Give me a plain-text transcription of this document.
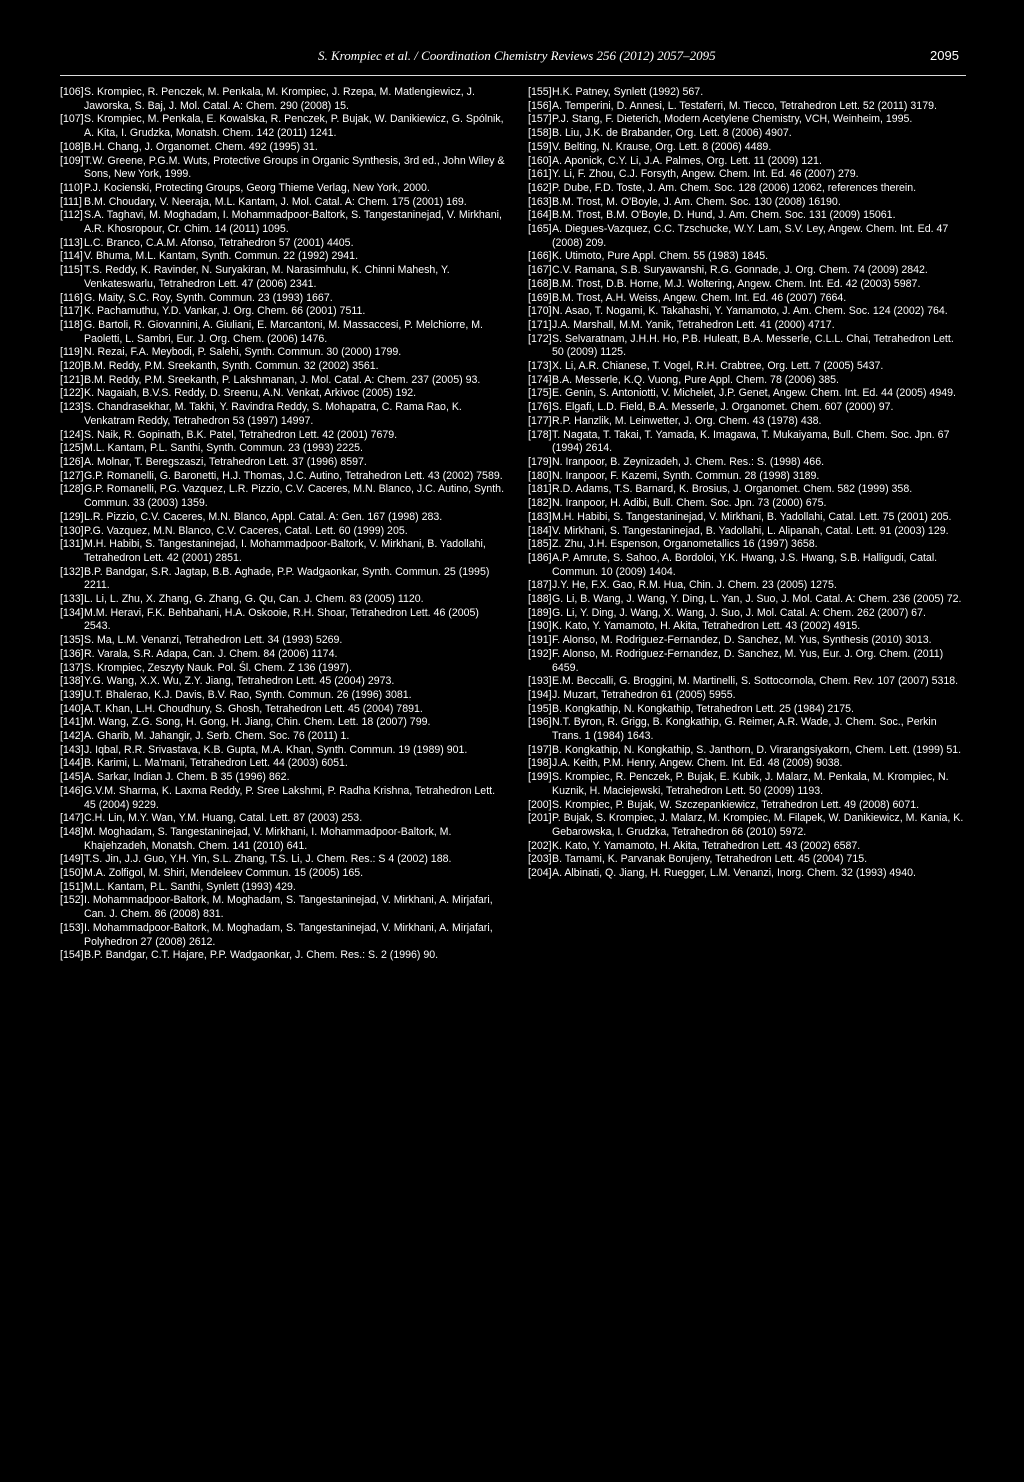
S. Krompiec et al. / Coordination Chemistry Reviews 256 (2012) 2057–2095	2095
[106] S. Krompiec, R. Penczek, M. Penkala, M. Krompiec, J. Rzepa, M. Matlengiewicz, J. Jaworska, S. Baj, J. Mol. Catal. A: Chem. 290 (2008) 15.
[107] S. Krompiec, M. Penkala, E. Kowalska, R. Penczek, P. Bujak, W. Danikiewicz, G. Spólnik, A. Kita, I. Grudzka, Monatsh. Chem. 142 (2011) 1241.
[108] B.H. Chang, J. Organomet. Chem. 492 (1995) 31.
[109] T.W. Greene, P.G.M. Wuts, Protective Groups in Organic Synthesis, 3rd ed., John Wiley & Sons, New York, 1999.
[110] P.J. Kocienski, Protecting Groups, Georg Thieme Verlag, New York, 2000.
[111] B.M. Choudary, V. Neeraja, M.L. Kantam, J. Mol. Catal. A: Chem. 175 (2001) 169.
[112] S.A. Taghavi, M. Moghadam, I. Mohammadpoor-Baltork, S. Tangestaninejad, V. Mirkhani, A.R. Khosropour, Cr. Chim. 14 (2011) 1095.
[113] L.C. Branco, C.A.M. Afonso, Tetrahedron 57 (2001) 4405.
[114] V. Bhuma, M.L. Kantam, Synth. Commun. 22 (1992) 2941.
[115] T.S. Reddy, K. Ravinder, N. Suryakiran, M. Narasimhulu, K. Chinni Mahesh, Y. Venkateswarlu, Tetrahedron Lett. 47 (2006) 2341.
[116] G. Maity, S.C. Roy, Synth. Commun. 23 (1993) 1667.
[117] K. Pachamuthu, Y.D. Vankar, J. Org. Chem. 66 (2001) 7511.
[118] G. Bartoli, R. Giovannini, A. Giuliani, E. Marcantoni, M. Massaccesi, P. Melchiorre, M. Paoletti, L. Sambri, Eur. J. Org. Chem. (2006) 1476.
[119] N. Rezai, F.A. Meybodi, P. Salehi, Synth. Commun. 30 (2000) 1799.
[120] B.M. Reddy, P.M. Sreekanth, Synth. Commun. 32 (2002) 3561.
[121] B.M. Reddy, P.M. Sreekanth, P. Lakshmanan, J. Mol. Catal. A: Chem. 237 (2005) 93.
[122] K. Nagaiah, B.V.S. Reddy, D. Sreenu, A.N. Venkat, Arkivoc (2005) 192.
[123] S. Chandrasekhar, M. Takhi, Y. Ravindra Reddy, S. Mohapatra, C. Rama Rao, K. Venkatram Reddy, Tetrahedron 53 (1997) 14997.
[124] S. Naik, R. Gopinath, B.K. Patel, Tetrahedron Lett. 42 (2001) 7679.
[125] M.L. Kantam, P.L. Santhi, Synth. Commun. 23 (1993) 2225.
[126] A. Molnar, T. Beregszaszi, Tetrahedron Lett. 37 (1996) 8597.
[127] G.P. Romanelli, G. Baronetti, H.J. Thomas, J.C. Autino, Tetrahedron Lett. 43 (2002) 7589.
[128] G.P. Romanelli, P.G. Vazquez, L.R. Pizzio, C.V. Caceres, M.N. Blanco, J.C. Autino, Synth. Commun. 33 (2003) 1359.
[129] L.R. Pizzio, C.V. Caceres, M.N. Blanco, Appl. Catal. A: Gen. 167 (1998) 283.
[130] P.G. Vazquez, M.N. Blanco, C.V. Caceres, Catal. Lett. 60 (1999) 205.
[131] M.H. Habibi, S. Tangestaninejad, I. Mohammadpoor-Baltork, V. Mirkhani, B. Yadollahi, Tetrahedron Lett. 42 (2001) 2851.
[132] B.P. Bandgar, S.R. Jagtap, B.B. Aghade, P.P. Wadgaonkar, Synth. Commun. 25 (1995) 2211.
[133] L. Li, L. Zhu, X. Zhang, G. Zhang, G. Qu, Can. J. Chem. 83 (2005) 1120.
[134] M.M. Heravi, F.K. Behbahani, H.A. Oskooie, R.H. Shoar, Tetrahedron Lett. 46 (2005) 2543.
[135] S. Ma, L.M. Venanzi, Tetrahedron Lett. 34 (1993) 5269.
[136] R. Varala, S.R. Adapa, Can. J. Chem. 84 (2006) 1174.
[137] S. Krompiec, Zeszyty Nauk. Pol. Śl. Chem. Z 136 (1997).
[138] Y.G. Wang, X.X. Wu, Z.Y. Jiang, Tetrahedron Lett. 45 (2004) 2973.
[139] U.T. Bhalerao, K.J. Davis, B.V. Rao, Synth. Commun. 26 (1996) 3081.
[140] A.T. Khan, L.H. Choudhury, S. Ghosh, Tetrahedron Lett. 45 (2004) 7891.
[141] M. Wang, Z.G. Song, H. Gong, H. Jiang, Chin. Chem. Lett. 18 (2007) 799.
[142] A. Gharib, M. Jahangir, J. Serb. Chem. Soc. 76 (2011) 1.
[143] J. Iqbal, R.R. Srivastava, K.B. Gupta, M.A. Khan, Synth. Commun. 19 (1989) 901.
[144] B. Karimi, L. Ma'mani, Tetrahedron Lett. 44 (2003) 6051.
[145] A. Sarkar, Indian J. Chem. B 35 (1996) 862.
[146] G.V.M. Sharma, K. Laxma Reddy, P. Sree Lakshmi, P. Radha Krishna, Tetrahedron Lett. 45 (2004) 9229.
[147] C.H. Lin, M.Y. Wan, Y.M. Huang, Catal. Lett. 87 (2003) 253.
[148] M. Moghadam, S. Tangestaninejad, V. Mirkhani, I. Mohammadpoor-Baltork, M. Khajehzadeh, Monatsh. Chem. 141 (2010) 641.
[149] T.S. Jin, J.J. Guo, Y.H. Yin, S.L. Zhang, T.S. Li, J. Chem. Res.: S 4 (2002) 188.
[150] M.A. Zolfigol, M. Shiri, Mendeleev Commun. 15 (2005) 165.
[151] M.L. Kantam, P.L. Santhi, Synlett (1993) 429.
[152] I. Mohammadpoor-Baltork, M. Moghadam, S. Tangestaninejad, V. Mirkhani, A. Mirjafari, Can. J. Chem. 86 (2008) 831.
[153] I. Mohammadpoor-Baltork, M. Moghadam, S. Tangestaninejad, V. Mirkhani, A. Mirjafari, Polyhedron 27 (2008) 2612.
[154] B.P. Bandgar, C.T. Hajare, P.P. Wadgaonkar, J. Chem. Res.: S. 2 (1996) 90.
[155] H.K. Patney, Synlett (1992) 567.
[156] A. Temperini, D. Annesi, L. Testaferri, M. Tiecco, Tetrahedron Lett. 52 (2011) 3179.
[157] P.J. Stang, F. Dieterich, Modern Acetylene Chemistry, VCH, Weinheim, 1995.
[158] B. Liu, J.K. de Brabander, Org. Lett. 8 (2006) 4907.
[159] V. Belting, N. Krause, Org. Lett. 8 (2006) 4489.
[160] A. Aponick, C.Y. Li, J.A. Palmes, Org. Lett. 11 (2009) 121.
[161] Y. Li, F. Zhou, C.J. Forsyth, Angew. Chem. Int. Ed. 46 (2007) 279.
[162] P. Dube, F.D. Toste, J. Am. Chem. Soc. 128 (2006) 12062, references therein.
[163] B.M. Trost, M. O'Boyle, J. Am. Chem. Soc. 130 (2008) 16190.
[164] B.M. Trost, B.M. O'Boyle, D. Hund, J. Am. Chem. Soc. 131 (2009) 15061.
[165] A. Diegues-Vazquez, C.C. Tzschucke, W.Y. Lam, S.V. Ley, Angew. Chem. Int. Ed. 47 (2008) 209.
[166] K. Utimoto, Pure Appl. Chem. 55 (1983) 1845.
[167] C.V. Ramana, S.B. Suryawanshi, R.G. Gonnade, J. Org. Chem. 74 (2009) 2842.
[168] B.M. Trost, D.B. Horne, M.J. Woltering, Angew. Chem. Int. Ed. 42 (2003) 5987.
[169] B.M. Trost, A.H. Weiss, Angew. Chem. Int. Ed. 46 (2007) 7664.
[170] N. Asao, T. Nogami, K. Takahashi, Y. Yamamoto, J. Am. Chem. Soc. 124 (2002) 764.
[171] J.A. Marshall, M.M. Yanik, Tetrahedron Lett. 41 (2000) 4717.
[172] S. Selvaratnam, J.H.H. Ho, P.B. Huleatt, B.A. Messerle, C.L.L. Chai, Tetrahedron Lett. 50 (2009) 1125.
[173] X. Li, A.R. Chianese, T. Vogel, R.H. Crabtree, Org. Lett. 7 (2005) 5437.
[174] B.A. Messerle, K.Q. Vuong, Pure Appl. Chem. 78 (2006) 385.
[175] E. Genin, S. Antoniotti, V. Michelet, J.P. Genet, Angew. Chem. Int. Ed. 44 (2005) 4949.
[176] S. Elgafi, L.D. Field, B.A. Messerle, J. Organomet. Chem. 607 (2000) 97.
[177] R.P. Hanzlik, M. Leinwetter, J. Org. Chem. 43 (1978) 438.
[178] T. Nagata, T. Takai, T. Yamada, K. Imagawa, T. Mukaiyama, Bull. Chem. Soc. Jpn. 67 (1994) 2614.
[179] N. Iranpoor, B. Zeynizadeh, J. Chem. Res.: S. (1998) 466.
[180] N. Iranpoor, F. Kazemi, Synth. Commun. 28 (1998) 3189.
[181] R.D. Adams, T.S. Barnard, K. Brosius, J. Organomet. Chem. 582 (1999) 358.
[182] N. Iranpoor, H. Adibi, Bull. Chem. Soc. Jpn. 73 (2000) 675.
[183] M.H. Habibi, S. Tangestaninejad, V. Mirkhani, B. Yadollahi, Catal. Lett. 75 (2001) 205.
[184] V. Mirkhani, S. Tangestaninejad, B. Yadollahi, L. Alipanah, Catal. Lett. 91 (2003) 129.
[185] Z. Zhu, J.H. Espenson, Organometallics 16 (1997) 3658.
[186] A.P. Amrute, S. Sahoo, A. Bordoloi, Y.K. Hwang, J.S. Hwang, S.B. Halligudi, Catal. Commun. 10 (2009) 1404.
[187] J.Y. He, F.X. Gao, R.M. Hua, Chin. J. Chem. 23 (2005) 1275.
[188] G. Li, B. Wang, J. Wang, Y. Ding, L. Yan, J. Suo, J. Mol. Catal. A: Chem. 236 (2005) 72.
[189] G. Li, Y. Ding, J. Wang, X. Wang, J. Suo, J. Mol. Catal. A: Chem. 262 (2007) 67.
[190] K. Kato, Y. Yamamoto, H. Akita, Tetrahedron Lett. 43 (2002) 4915.
[191] F. Alonso, M. Rodriguez-Fernandez, D. Sanchez, M. Yus, Synthesis (2010) 3013.
[192] F. Alonso, M. Rodriguez-Fernandez, D. Sanchez, M. Yus, Eur. J. Org. Chem. (2011) 6459.
[193] E.M. Beccalli, G. Broggini, M. Martinelli, S. Sottocornola, Chem. Rev. 107 (2007) 5318.
[194] J. Muzart, Tetrahedron 61 (2005) 5955.
[195] B. Kongkathip, N. Kongkathip, Tetrahedron Lett. 25 (1984) 2175.
[196] N.T. Byron, R. Grigg, B. Kongkathip, G. Reimer, A.R. Wade, J. Chem. Soc., Perkin Trans. 1 (1984) 1643.
[197] B. Kongkathip, N. Kongkathip, S. Janthorn, D. Virarangsiyakorn, Chem. Lett. (1999) 51.
[198] J.A. Keith, P.M. Henry, Angew. Chem. Int. Ed. 48 (2009) 9038.
[199] S. Krompiec, R. Penczek, P. Bujak, E. Kubik, J. Malarz, M. Penkala, M. Krompiec, N. Kuznik, H. Maciejewski, Tetrahedron Lett. 50 (2009) 1193.
[200] S. Krompiec, P. Bujak, W. Szczepankiewicz, Tetrahedron Lett. 49 (2008) 6071.
[201] P. Bujak, S. Krompiec, J. Malarz, M. Krompiec, M. Filapek, W. Danikiewicz, M. Kania, K. Gebarowska, I. Grudzka, Tetrahedron 66 (2010) 5972.
[202] K. Kato, Y. Yamamoto, H. Akita, Tetrahedron Lett. 43 (2002) 6587.
[203] B. Tamami, K. Parvanak Borujeny, Tetrahedron Lett. 45 (2004) 715.
[204] A. Albinati, Q. Jiang, H. Ruegger, L.M. Venanzi, Inorg. Chem. 32 (1993) 4940.
